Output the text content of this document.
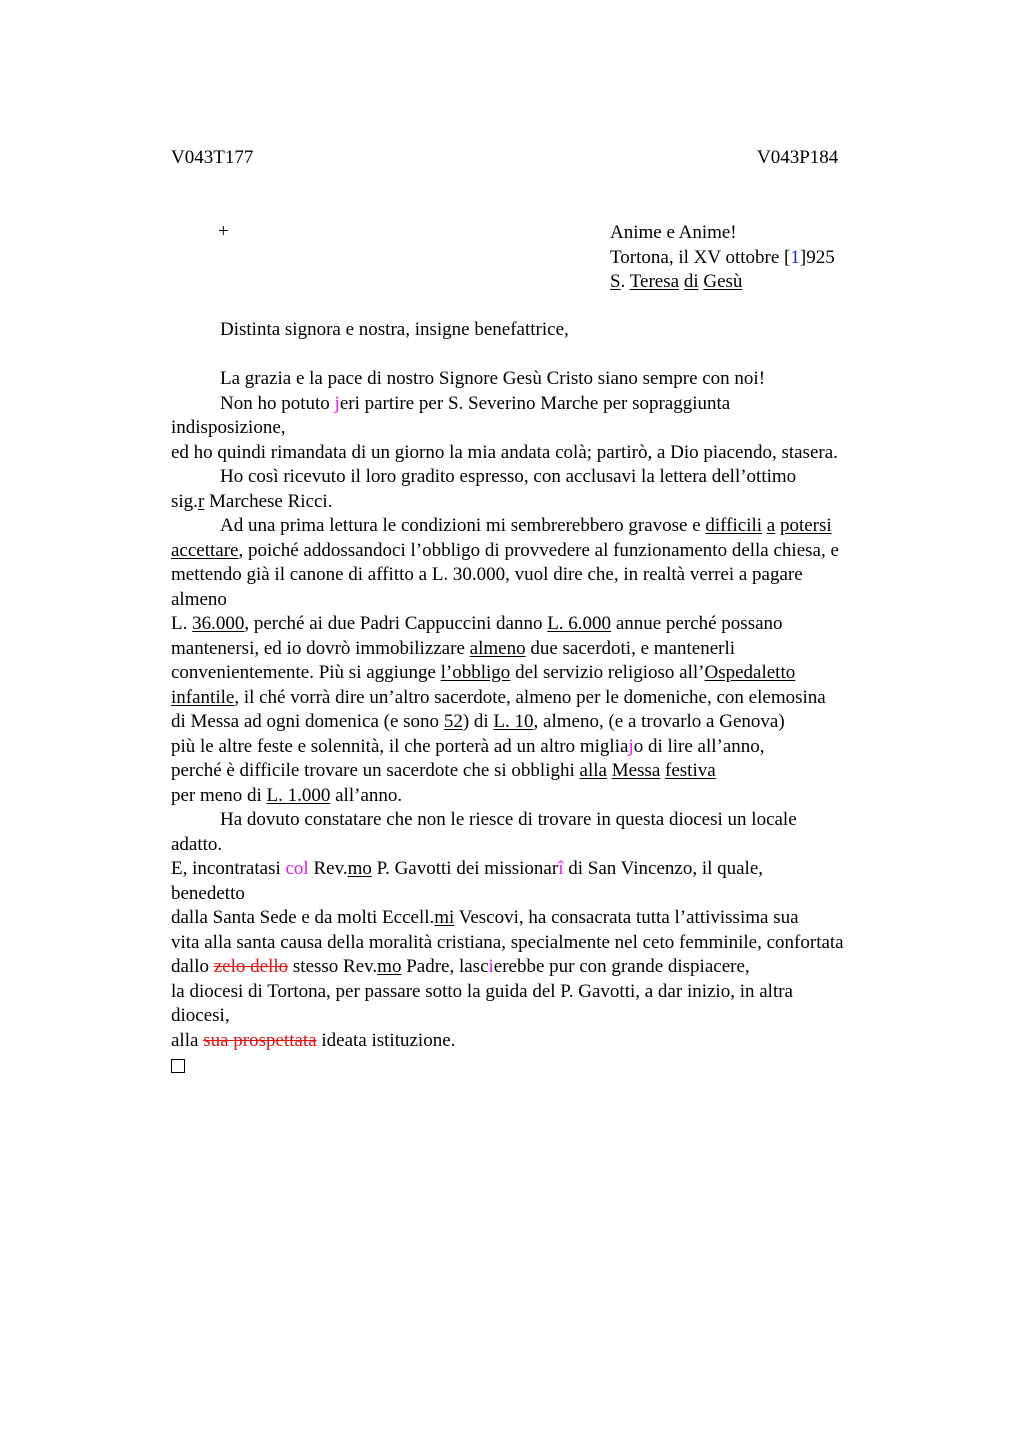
V043T177	V043P184
+	Anime e Anime!
Tortona, il XV ottobre [1]925
S. Teresa di Gesù
Distinta signora e nostra, insigne benefattrice,
La grazia e la pace di nostro Signore Gesù Cristo siano sempre con noi!
Non ho potuto jeri partire per S. Severino Marche per sopraggiunta
indisposizione,
ed ho quindi rimandata di un giorno la mia andata colà; partirò, a Dio piacendo, stasera.
Ho così ricevuto il loro gradito espresso, con acclusavi la lettera dell’ottimo
sig.r Marchese Ricci.
Ad una prima lettura le condizioni mi sembrerebbero gravose e difficili a potersi
accettare, poiché addossandoci l’obbligo di provvedere al funzionamento della chiesa, e
mettendo già il canone di affitto a L. 30.000, vuol dire che, in realtà verrei a pagare
almeno
L. 36.000, perché ai due Padri Cappuccini danno L. 6.000 annue perché possano
mantenersi, ed io dovrò immobilizzare almeno due sacerdoti, e mantenerli
convenientemente. Più si aggiunge l’obbligo del servizio religioso all’Ospedaletto
infantile, il ché vorrà dire un’altro sacerdote, almeno per le domeniche, con elemosina
di Messa ad ogni domenica (e sono 52) di L. 10, almeno, (e a trovarlo a Genova)
più le altre feste e solennità, il che porterà ad un altro migliajo di lire all’anno,
perché è difficile trovare un sacerdote che si obblighi alla Messa festiva
per meno di L. 1.000 all’anno.
Ha dovuto constatare che non le riesce di trovare in questa diocesi un locale
adatto.
E, incontratasi col Rev.mo P. Gavotti dei missionarî di San Vincenzo, il quale,
benedetto
dalla Santa Sede e da molti Eccell.mi Vescovi, ha consacrata tutta l’attivissima sua
vita alla santa causa della moralità cristiana, specialmente nel ceto femminile, confortata
dallo zelo dello stesso Rev.mo Padre, lascierebbe pur con grande dispiacere,
la diocesi di Tortona, per passare sotto la guida del P. Gavotti, a dar inizio, in altra
diocesi,
alla sua prospettata ideata istituzione.
